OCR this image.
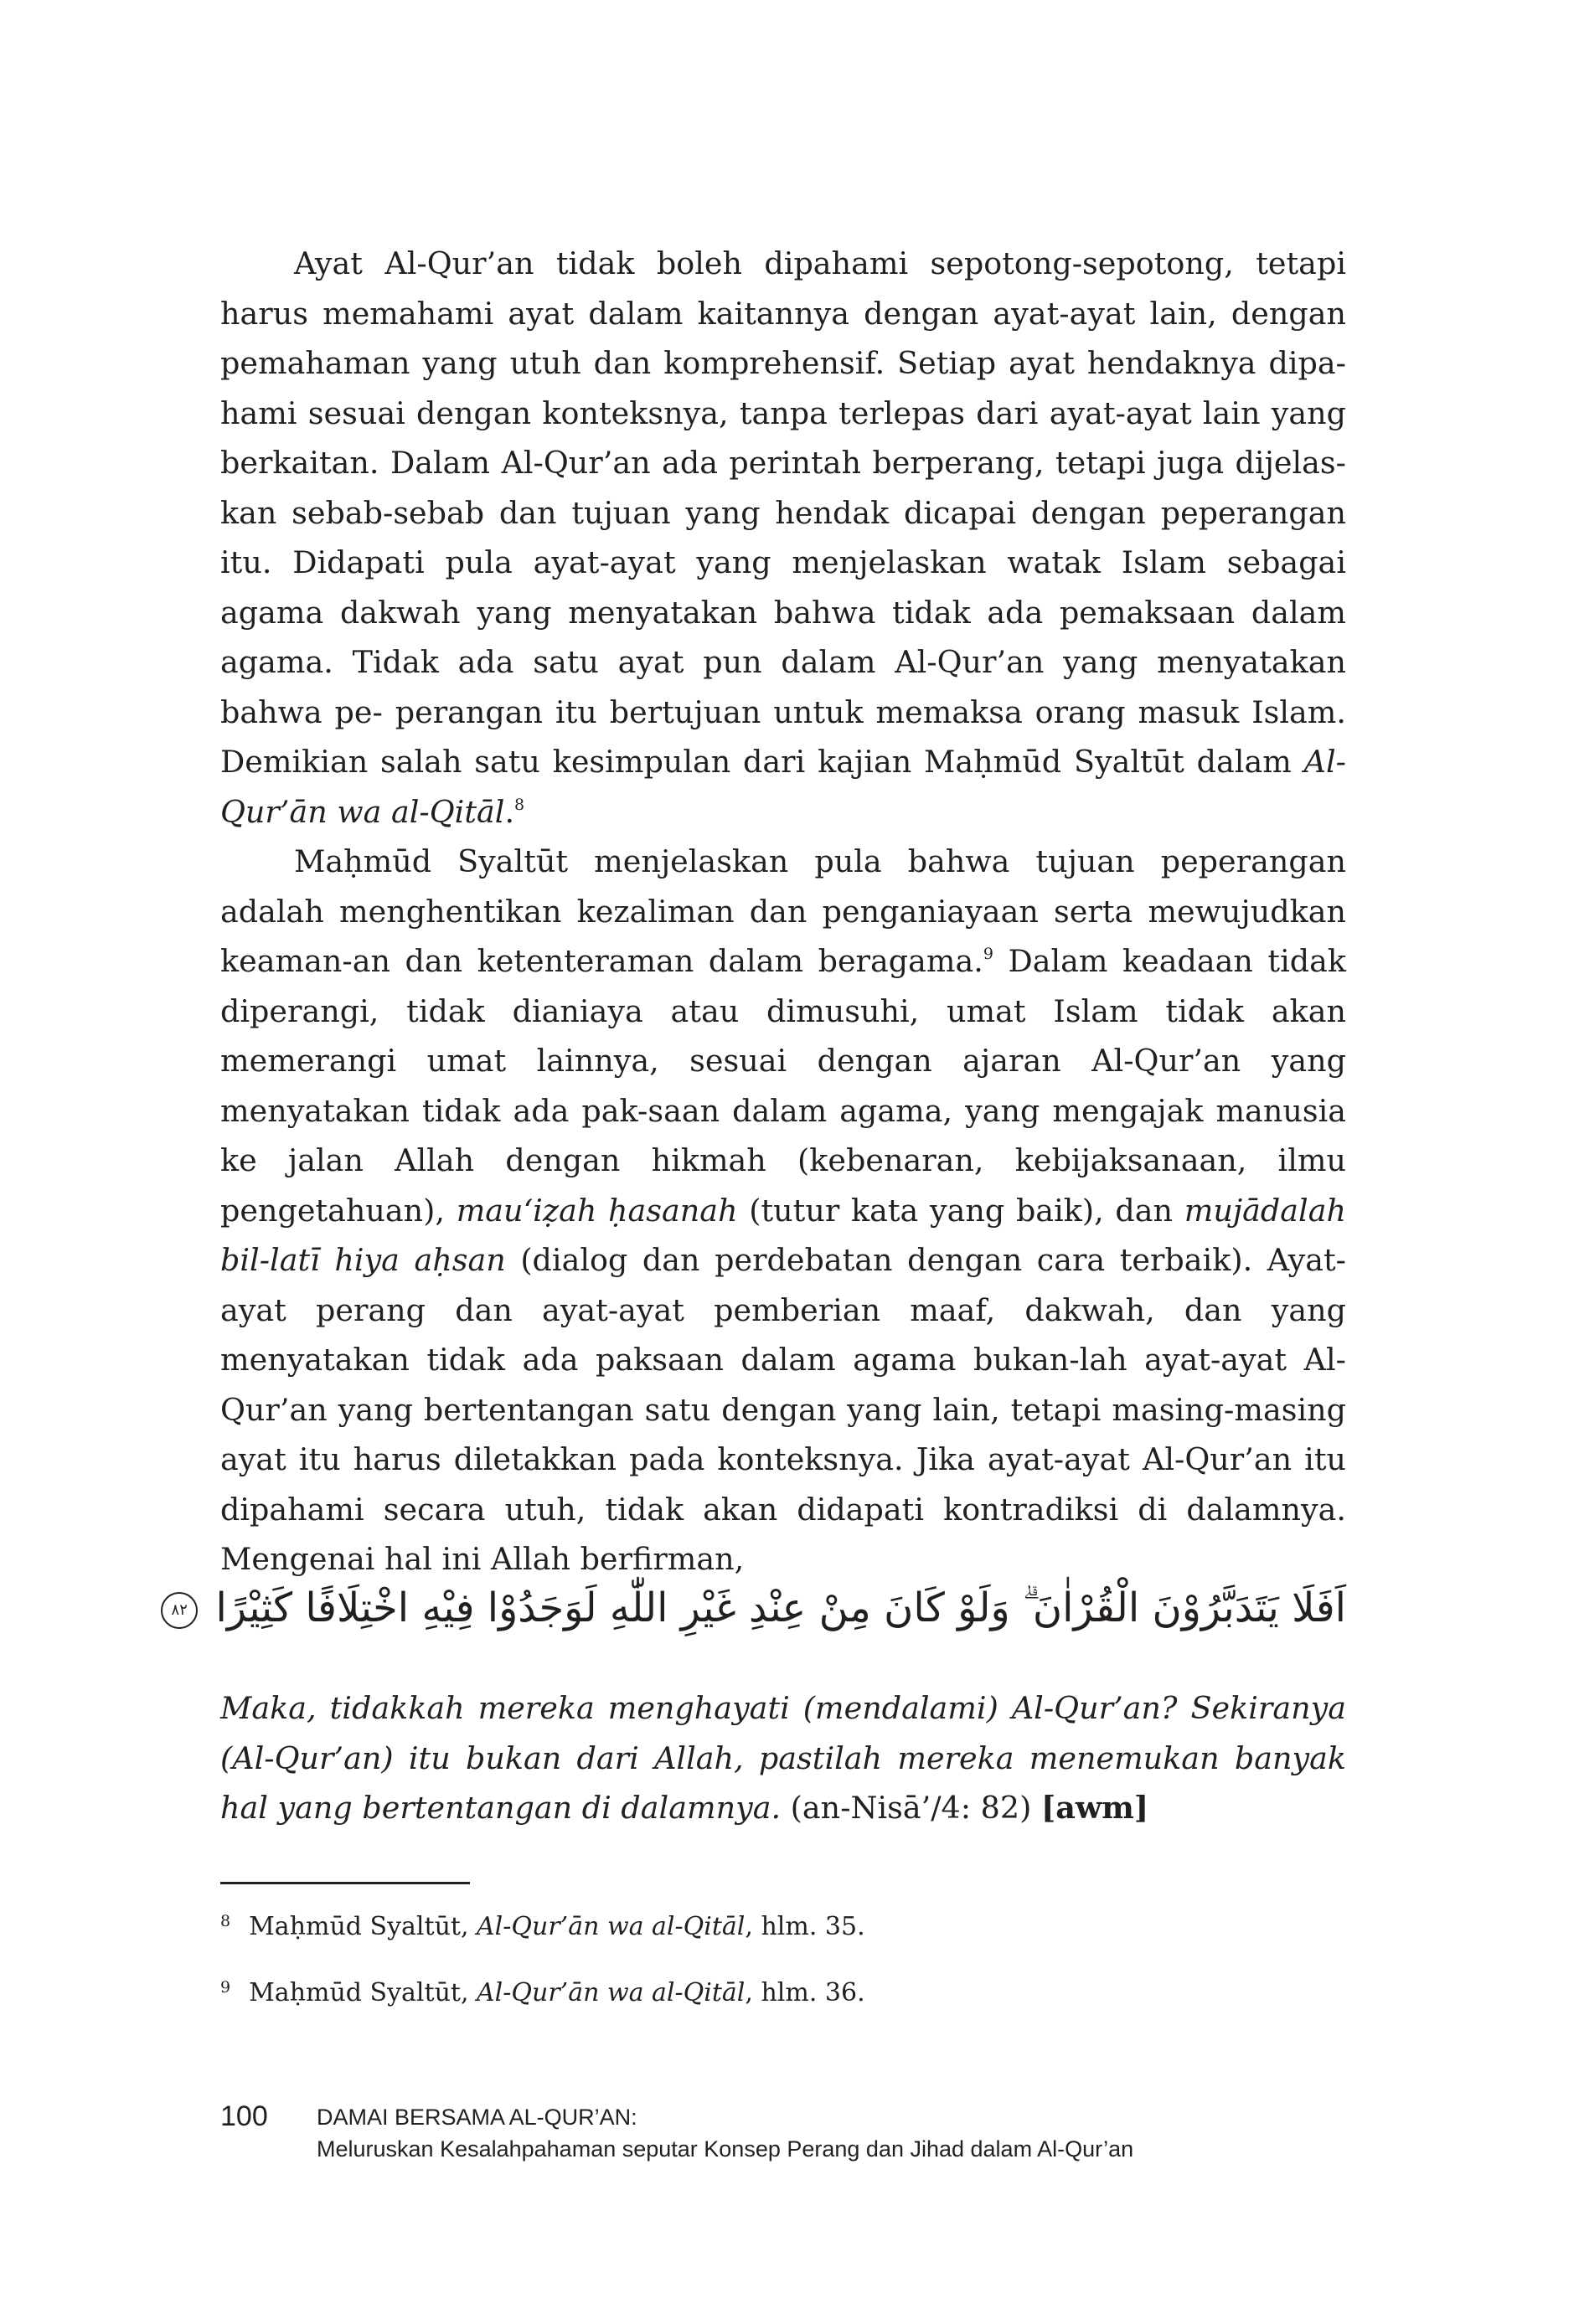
Ayat Al-Qur’an tidak boleh dipahami sepotong-sepotong, tetapi harus memahami ayat dalam kaitannya dengan ayat-ayat lain, dengan pemahaman yang utuh dan komprehensif. Setiap ayat hendaknya dipa- hami sesuai dengan konteksnya, tanpa terlepas dari ayat-ayat lain yang berkaitan. Dalam Al-Qur’an ada perintah berperang, tetapi juga dijelas- kan sebab-sebab dan tujuan yang hendak dicapai dengan peperangan itu. Didapati pula ayat-ayat yang menjelaskan watak Islam sebagai agama dakwah yang menyatakan bahwa tidak ada pemaksaan dalam agama. Tidak ada satu ayat pun dalam Al-Qur’an yang menyatakan bahwa pe- perangan itu bertujuan untuk memaksa orang masuk Islam. Demikian salah satu kesimpulan dari kajian Maḥmūd Syaltūt dalam Al-Qur’ān wa al-Qitāl.$^8$

Maḥmūd Syaltūt menjelaskan pula bahwa tujuan peperangan adalah menghentikan kezaliman dan penganiayaan serta mewujudkan keaman-an dan ketenteraman dalam beragama.$^9$ Dalam keadaan tidak diperangi, tidak dianiaya atau dimusuhi, umat Islam tidak akan memerangi umat lainnya, sesuai dengan ajaran Al-Qur’an yang menyatakan tidak ada pak-saan dalam agama, yang mengajak manusia ke jalan Allah dengan hikmah (kebenaran, kebijaksanaan, ilmu pengetahuan), mau‘iẓah ḥasanah (tutur kata yang baik), dan mujādalah bil-latī hiya aḥsan (dialog dan perdebatan dengan cara terbaik). Ayat-ayat perang dan ayat-ayat pemberian maaf, dakwah, dan yang menyatakan tidak ada paksaan dalam agama bukan-lah ayat-ayat Al-Qur’an yang bertentangan satu dengan yang lain, tetapi masing-masing ayat itu harus diletakkan pada konteksnya. Jika ayat-ayat Al-Qur’an itu dipahami secara utuh, tidak akan didapati kontradiksi di dalamnya. Mengenai hal ini Allah berfirman,

اَفَلَا يَتَدَبَّرُوْنَ الْقُرْاٰنَ ۗ وَلَوْ كَانَ مِنْ عِنْدِ غَيْرِ اللّٰهِ لَوَجَدُوْا فِيْهِ اخْتِلَافًا كَثِيْرًا ٨٢
Maka, tidakkah mereka menghayati (mendalami) Al-Qur’an? Sekiranya (Al-Qur’an) itu bukan dari Allah, pastilah mereka menemukan banyak hal yang bertentangan di dalamnya. (an-Nisā’/4: 82) [awm]
$^8$ Maḥmūd Syaltūt, Al-Qur’ān wa al-Qitāl, hlm. 35.
$^9$ Maḥmūd Syaltūt, Al-Qur’ān wa al-Qitāl, hlm. 36.
100 DAMAI BERSAMA AL-QUR’AN:
Meluruskan Kesalahpahaman seputar Konsep Perang dan Jihad dalam Al-Qur’an
